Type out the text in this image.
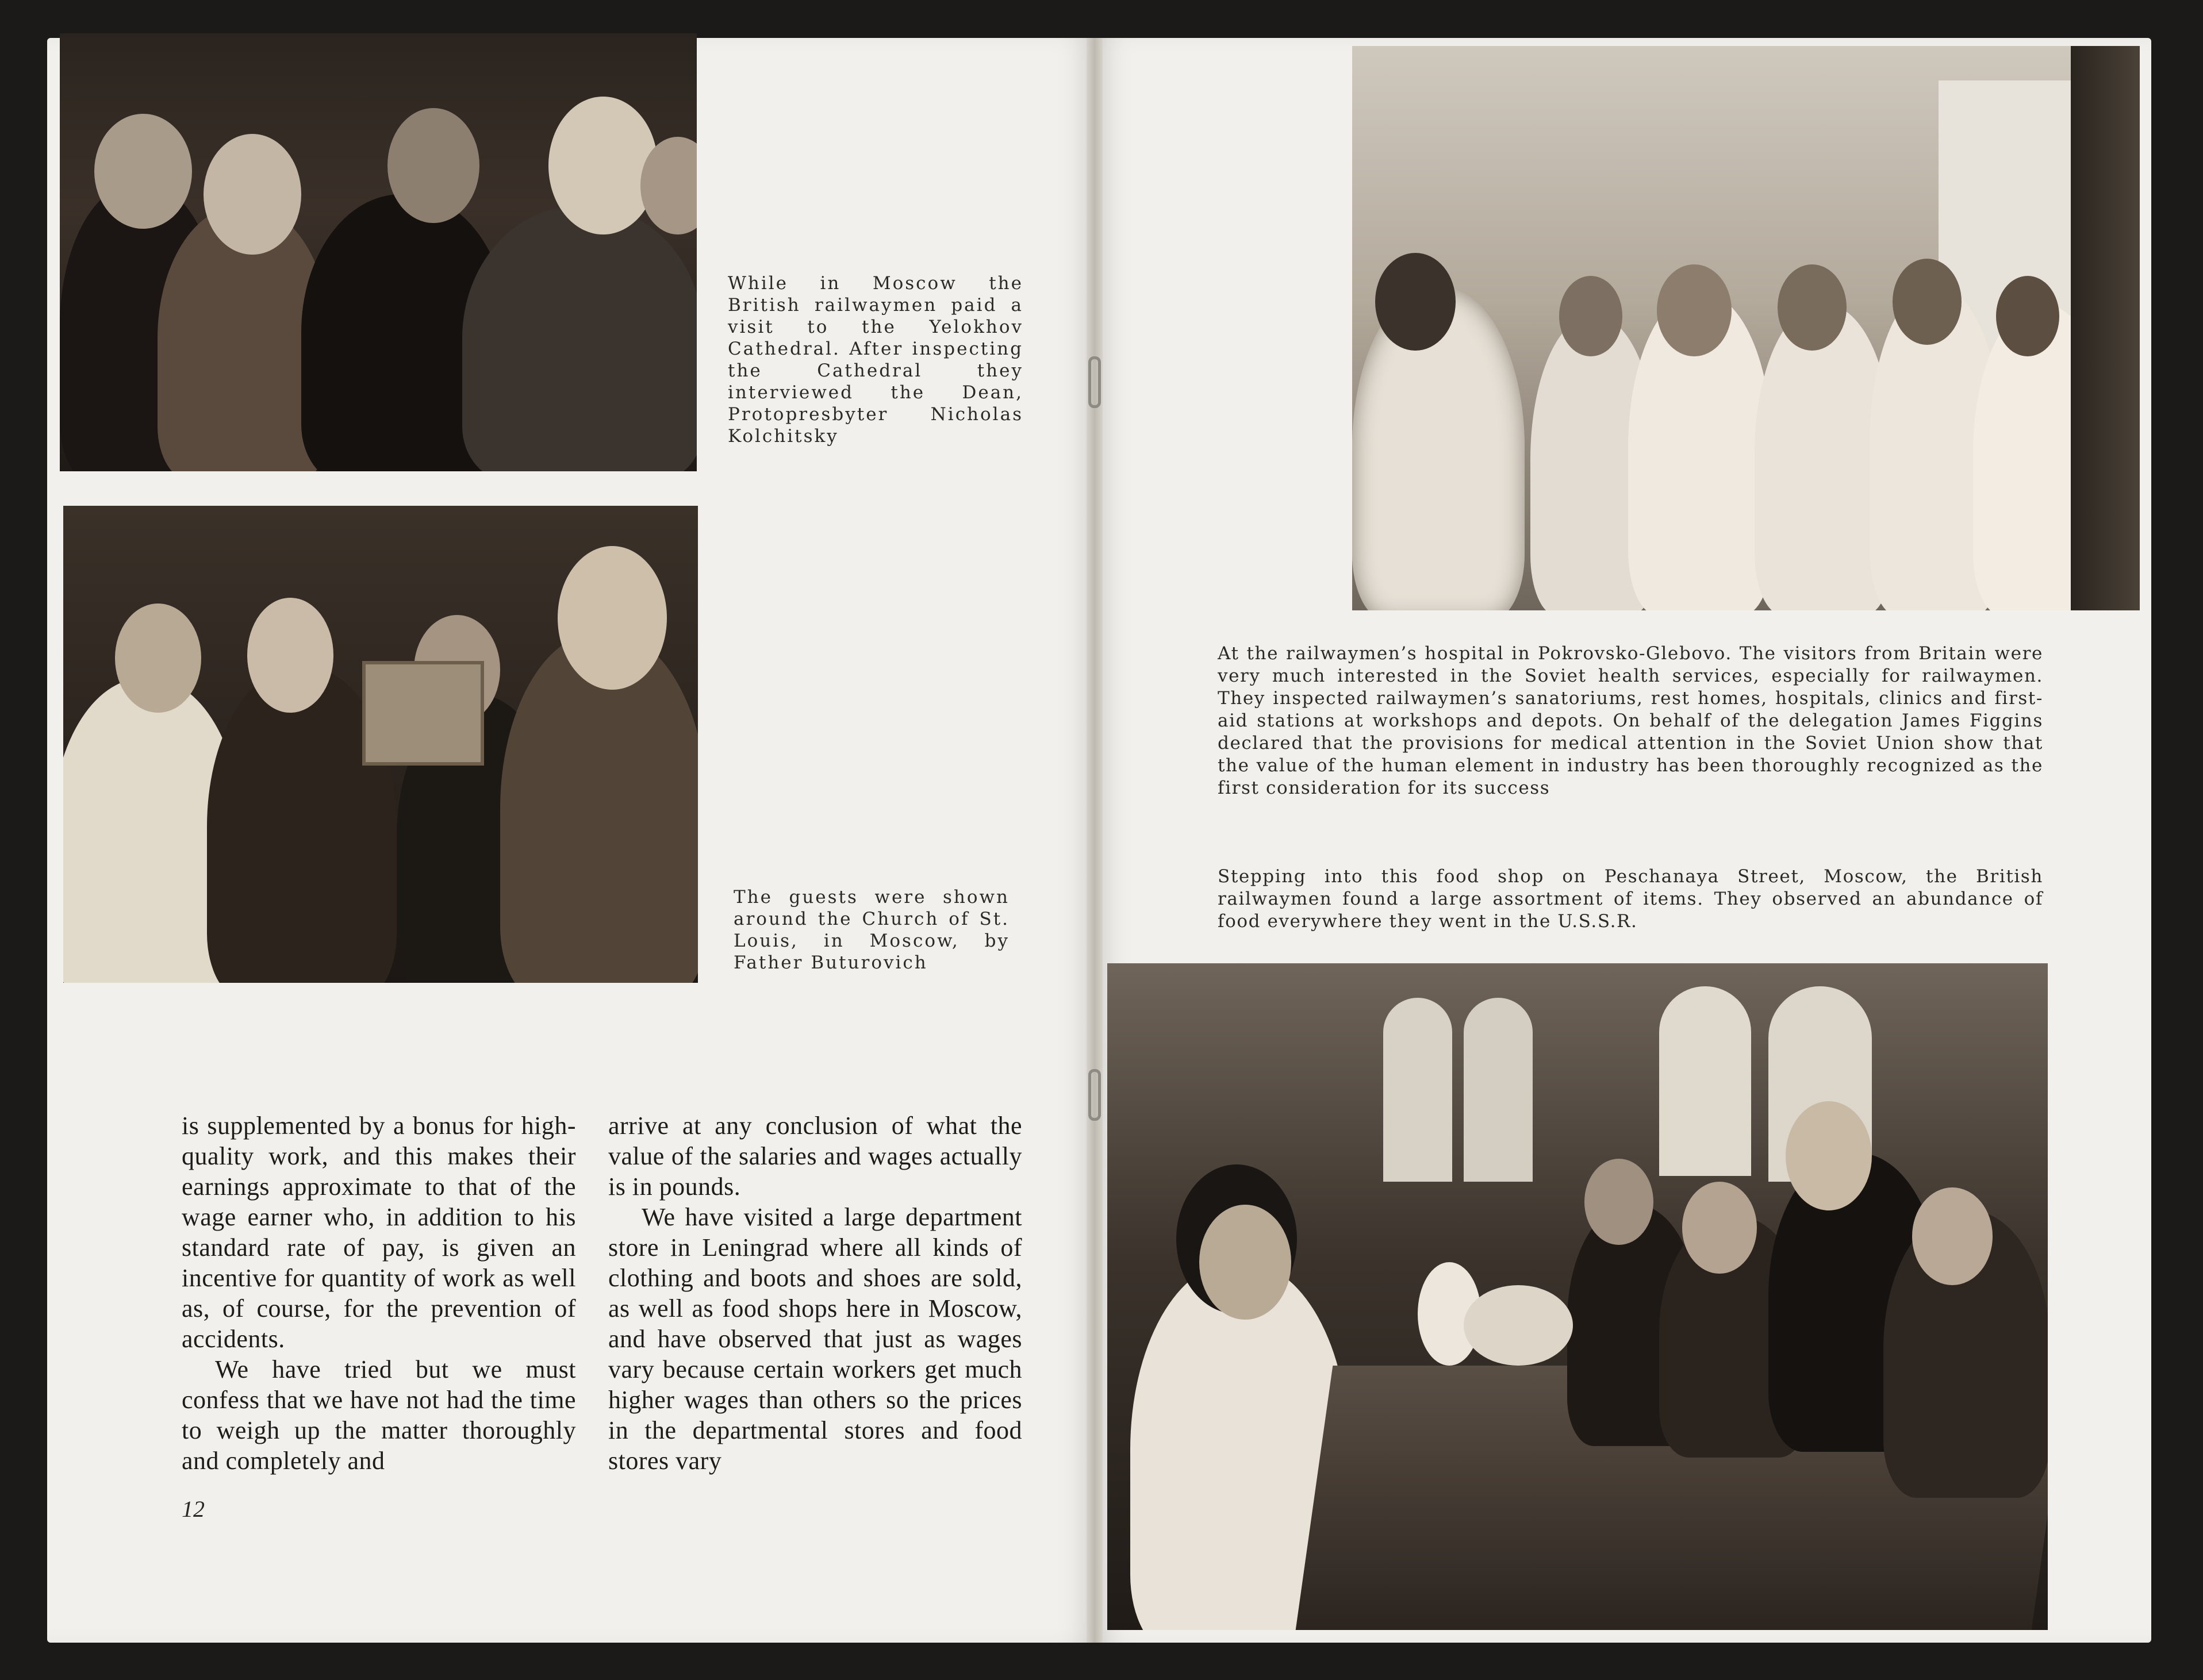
While in Moscow the British railwaymen paid a visit to the Yelokhov Cathedral. After inspecting the Cathedral they interviewed the Dean, Protopresbyter Nicholas Kolchitsky

The guests were shown around the Church of St. Louis, in Moscow, by Father Buturovich

At the railwaymen’s hospital in Pokrovsko-Glebovo. The visitors from Britain were very much interested in the Soviet health services, especially for railwaymen. They inspected railwaymen’s sanatoriums, rest homes, hospitals, clinics and first-aid stations at workshops and depots. On behalf of the delegation James Figgins declared that the provisions for medical attention in the Soviet Union show that the value of the human element in industry has been thoroughly recognized as the first consideration for its success

Stepping into this food shop on Peschanaya Street, Moscow, the British railwaymen found a large assortment of items. They observed an abundance of food everywhere they went in the U.S.S.R.

is supplemented by a bonus for high-quality work, and this makes their earnings approximate to that of the wage earner who, in addition to his standard rate of pay, is given an incentive for quantity of work as well as, of course, for the prevention of accidents.

We have tried but we must confess that we have not had the time to weigh up the matter thoroughly and completely and

arrive at any conclusion of what the value of the salaries and wages actually is in pounds.

We have visited a large department store in Leningrad where all kinds of clothing and boots and shoes are sold, as well as food shops here in Moscow, and have observed that just as wages vary because certain workers get much higher wages than others so the prices in the departmental stores and food stores vary

12
